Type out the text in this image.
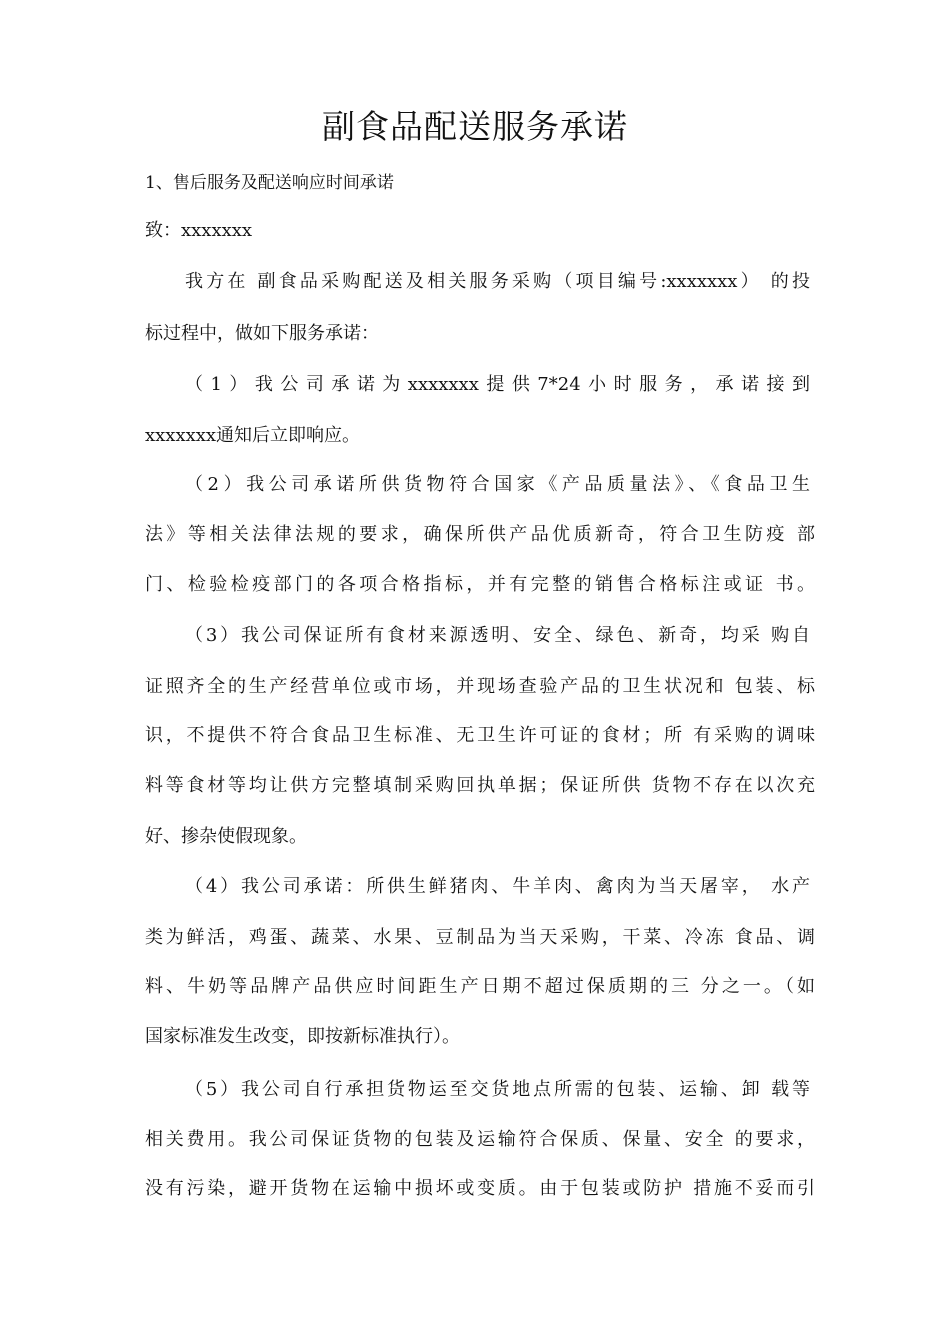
副食品配送服务承诺
1、售后服务及配送响应时间承诺
致：xxxxxxx
我方在 副食品采购配送及相关服务采购（项目编号:xxxxxxx） 的投
标过程中，做如下服务承诺：
（1）我公司承诺为xxxxxxx提供7*24小时服务，承诺接到
xxxxxxx通知后立即响应。
（2）我公司承诺所供货物符合国家《产品质量法》、《食品卫生
法》等相关法律法规的要求，确保所供产品优质新奇，符合卫生防疫 部
门、检验检疫部门的各项合格指标，并有完整的销售合格标注或证 书。
（3）我公司保证所有食材来源透明、安全、绿色、新奇，均采 购自
证照齐全的生产经营单位或市场，并现场查验产品的卫生状况和 包装、标
识，不提供不符合食品卫生标准、无卫生许可证的食材；所 有采购的调味
料等食材等均让供方完整填制采购回执单据；保证所供 货物不存在以次充
好、掺杂使假现象。
（4）我公司承诺：所供生鲜猪肉、牛羊肉、禽肉为当天屠宰， 水产
类为鲜活，鸡蛋、蔬菜、水果、豆制品为当天采购，干菜、冷冻 食品、调
料、牛奶等品牌产品供应时间距生产日期不超过保质期的三 分之一。（如
国家标准发生改变，即按新标准执行）。
（5）我公司自行承担货物运至交货地点所需的包装、运输、卸 载等
相关费用。我公司保证货物的包装及运输符合保质、保量、安全 的要求，
没有污染，避开货物在运输中损坏或变质。由于包装或防护 措施不妥而引
